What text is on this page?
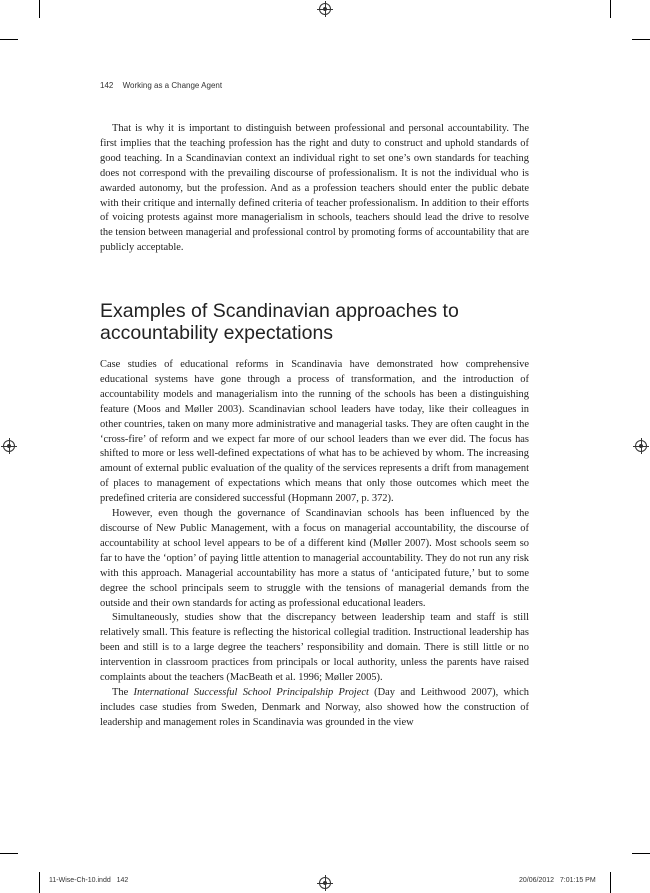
142 Working as a Change Agent

That is why it is important to distinguish between professional and personal accountability. The first implies that the teaching profession has the right and duty to construct and uphold standards of good teaching. In a Scandinavian context an individual right to set one’s own standards for teaching does not correspond with the prevailing discourse of professionalism. It is not the individual who is awarded autonomy, but the profession. And as a profession teachers should enter the public debate with their critique and internally defined criteria of teacher professionalism. In addition to their efforts of voicing protests against more managerialism in schools, teachers should lead the drive to resolve the tension between managerial and professional control by promoting forms of accountability that are publicly acceptable.

Examples of Scandinavian approaches to accountability expectations

Case studies of educational reforms in Scandinavia have demonstrated how comprehensive educational systems have gone through a process of transformation, and the introduction of accountability models and managerialism into the running of the schools has been a distinguishing feature (Moos and Møller 2003). Scandinavian school leaders have today, like their colleagues in other countries, taken on many more administrative and managerial tasks. They are often caught in the ‘cross-fire’ of reform and we expect far more of our school leaders than we ever did. The focus has shifted to more or less well-defined expectations of what has to be achieved by whom. The increasing amount of external public evaluation of the quality of the services represents a drift from management of places to management of expectations which means that only those outcomes which meet the predefined criteria are considered successful (Hopmann 2007, p. 372).

However, even though the governance of Scandinavian schools has been influenced by the discourse of New Public Management, with a focus on managerial accountability, the discourse of accountability at school level appears to be of a different kind (Møller 2007). Most schools seem so far to have the ‘option’ of paying little attention to managerial accountability. They do not run any risk with this approach. Managerial accountability has more a status of ‘anticipated future,’ but to some degree the school principals seem to struggle with the tensions of managerial demands from the outside and their own standards for acting as professional educational leaders.

Simultaneously, studies show that the discrepancy between leadership team and staff is still relatively small. This feature is reflecting the historical collegial tradition. Instructional leadership has been and still is to a large degree the teachers’ responsibility and domain. There is still little or no intervention in classroom practices from principals or local authority, unless the parents have raised complaints about the teachers (MacBeath et al. 1996; Møller 2005).

The International Successful School Principalship Project (Day and Leithwood 2007), which includes case studies from Sweden, Denmark and Norway, also showed how the construction of leadership and management roles in Scandinavia was grounded in the view

11-Wise-Ch-10.indd   142	20/06/2012   7:01:15 PM
